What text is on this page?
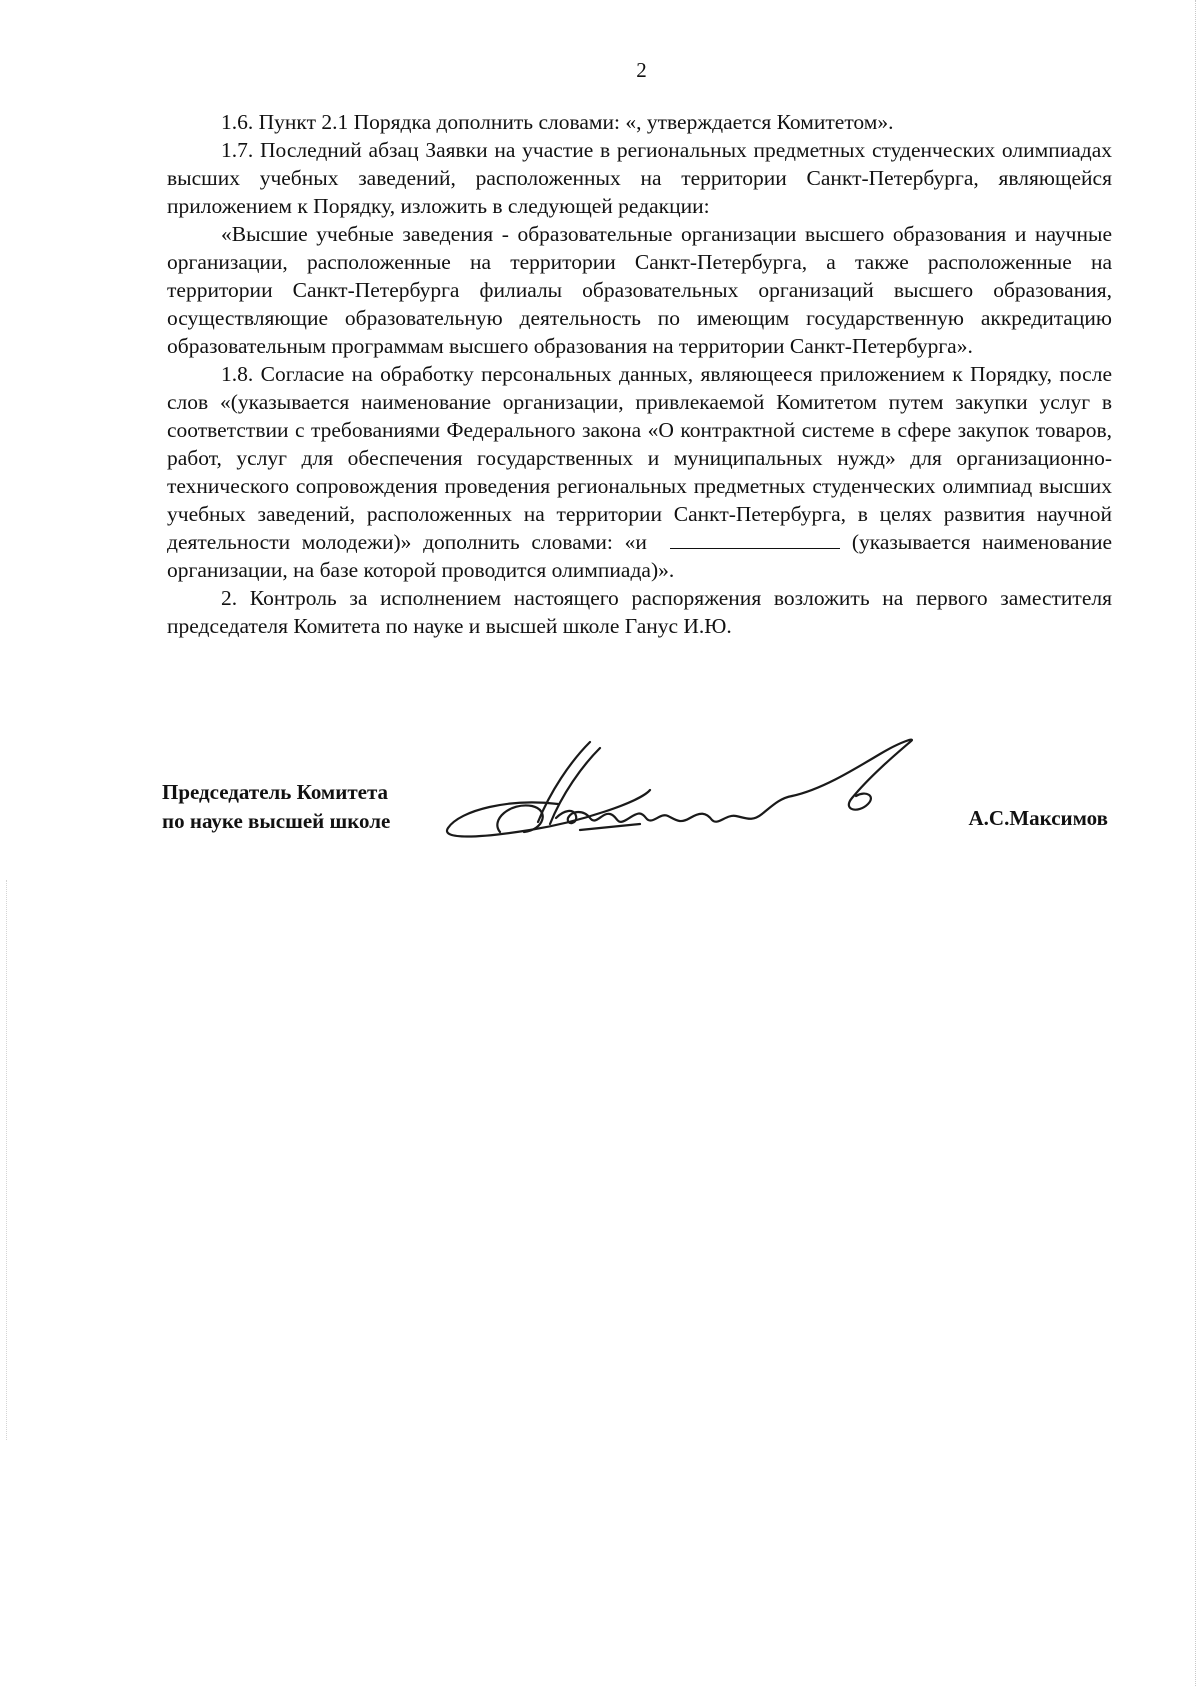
2

1.6. Пункт 2.1 Порядка дополнить словами: «, утверждается Комитетом».

1.7. Последний абзац Заявки на участие в региональных предметных студенческих олимпиадах высших учебных заведений, расположенных на территории Санкт-Петербурга, являющейся приложением к Порядку, изложить в следующей редакции:

«Высшие учебные заведения - образовательные организации высшего образования и научные организации, расположенные на территории Санкт-Петербурга, а также расположенные на территории Санкт-Петербурга филиалы образовательных организаций высшего образования, осуществляющие образовательную деятельность по имеющим государственную аккредитацию образовательным программам высшего образования на территории Санкт-Петербурга».

1.8. Согласие на обработку персональных данных, являющееся приложением к Порядку, после слов «(указывается наименование организации, привлекаемой Комитетом путем закупки услуг в соответствии с требованиями Федерального закона «О контрактной системе в сфере закупок товаров, работ, услуг для обеспечения государственных и муниципальных нужд» для организационно-технического сопровождения проведения региональных предметных студенческих олимпиад высших учебных заведений, расположенных на территории Санкт-Петербурга, в целях развития научной деятельности молодежи)» дополнить словами: «и	(указывается наименование организации, на базе которой проводится олимпиада)».

2. Контроль за исполнением настоящего распоряжения возложить на первого заместителя председателя Комитета по науке и высшей школе Ганус И.Ю.

Председатель Комитета
по науке высшей школе	А.С.Максимов
